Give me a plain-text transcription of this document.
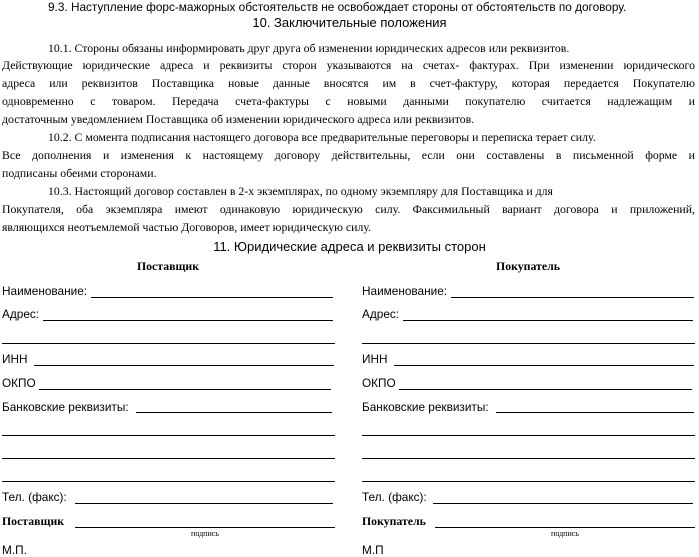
9.3. Наступление форс-мажорных обстоятельств не освобождает стороны от обстоятельств по договору.
10. Заключительные положения
10.1. Стороны обязаны информировать друг друга об изменении юридических адресов или реквизитов.
Действующие юридические адреса и реквизиты сторон указываются на счетах- фактурах. При изменении юридического
адреса или реквизитов Поставщика новые данные вносятся им в счет-фактуру, которая передается Покупателю
одновременно с товаром. Передача счета-фактуры с новыми данными покупателю считается надлежащим и
достаточным уведомлением Поставщика об изменении юридического адреса или реквизитов.
10.2. С момента подписания настоящего договора все предварительные переговоры и переписка терает силу.
Все дополнения и изменения к настоящему договору действительны, если они составлены в письменной форме и
подписаны обеими сторонами.
10.3. Настоящий договор составлен в 2-х экземплярах, по одному экземпляру для Поставщика и для
Покупателя, оба экземпляра имеют одинаковую юридическую силу. Факсимильный вариант договора и приложений,
являющихся неотъемлемой частью Договоров, имеет юридическую силу.
11. Юридические адреса и реквизиты сторон
Поставщик	Покупатель
Наименование:
Адрес:
ИНН
ОКПО
Банковские реквизиты:
Тел. (факс):
Поставщик
подпись
М.П.
Наименование:
Адрес:
ИНН
ОКПО
Банковские реквизиты:
Тел. (факс):
Покупатель
подпись
М.П
